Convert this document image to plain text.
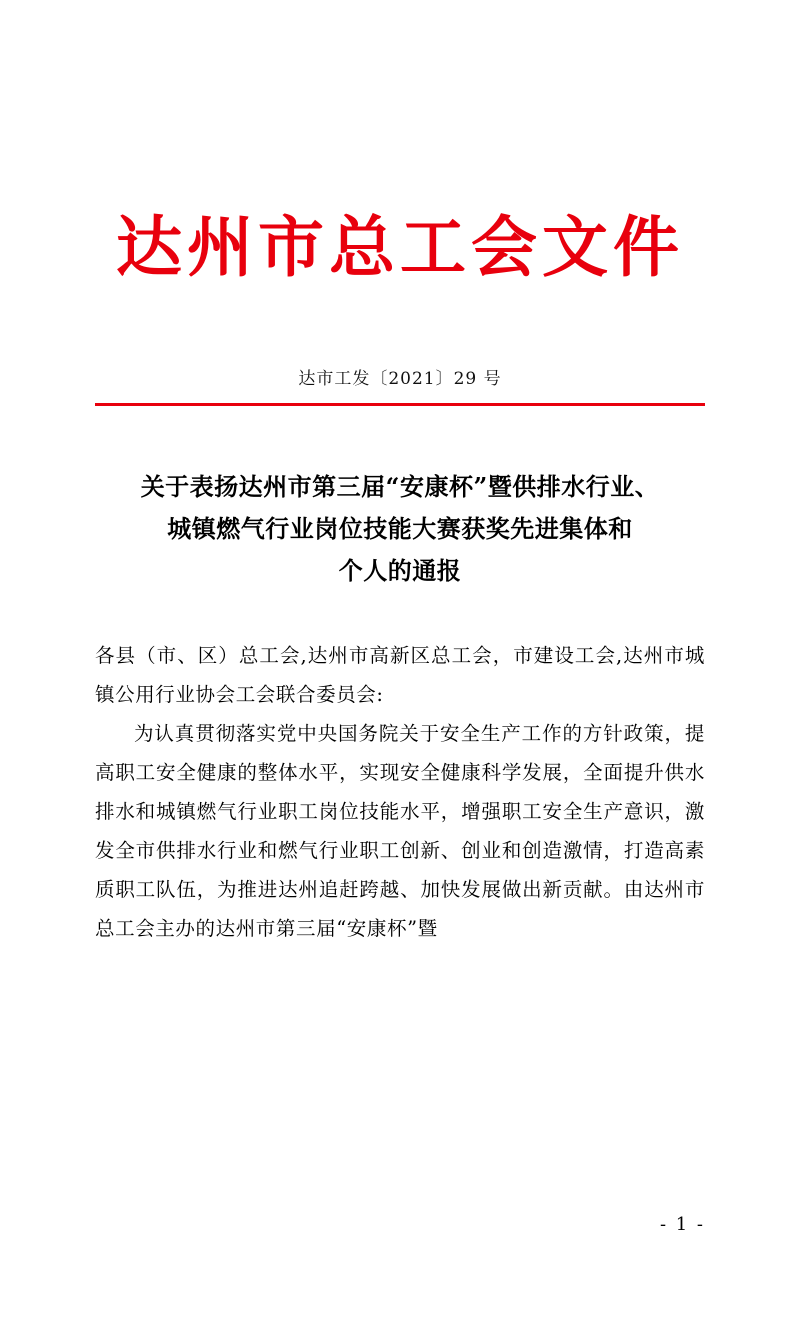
达州市总工会文件
达市工发〔2021〕29 号
关于表扬达州市第三届“安康杯”暨供排水行业、
城镇燃气行业岗位技能大赛获奖先进集体和
个人的通报

各县（市、区）总工会,达州市高新区总工会，市建设工会,达州市城镇公用行业协会工会联合委员会:

为认真贯彻落实党中央国务院关于安全生产工作的方针政策，提高职工安全健康的整体水平，实现安全健康科学发展，全面提升供水排水和城镇燃气行业职工岗位技能水平，增强职工安全生产意识，激发全市供排水行业和燃气行业职工创新、创业和创造激情，打造高素质职工队伍，为推进达州追赶跨越、加快发展做出新贡献。由达州市总工会主办的达州市第三届“安康杯”暨

- 1 -
